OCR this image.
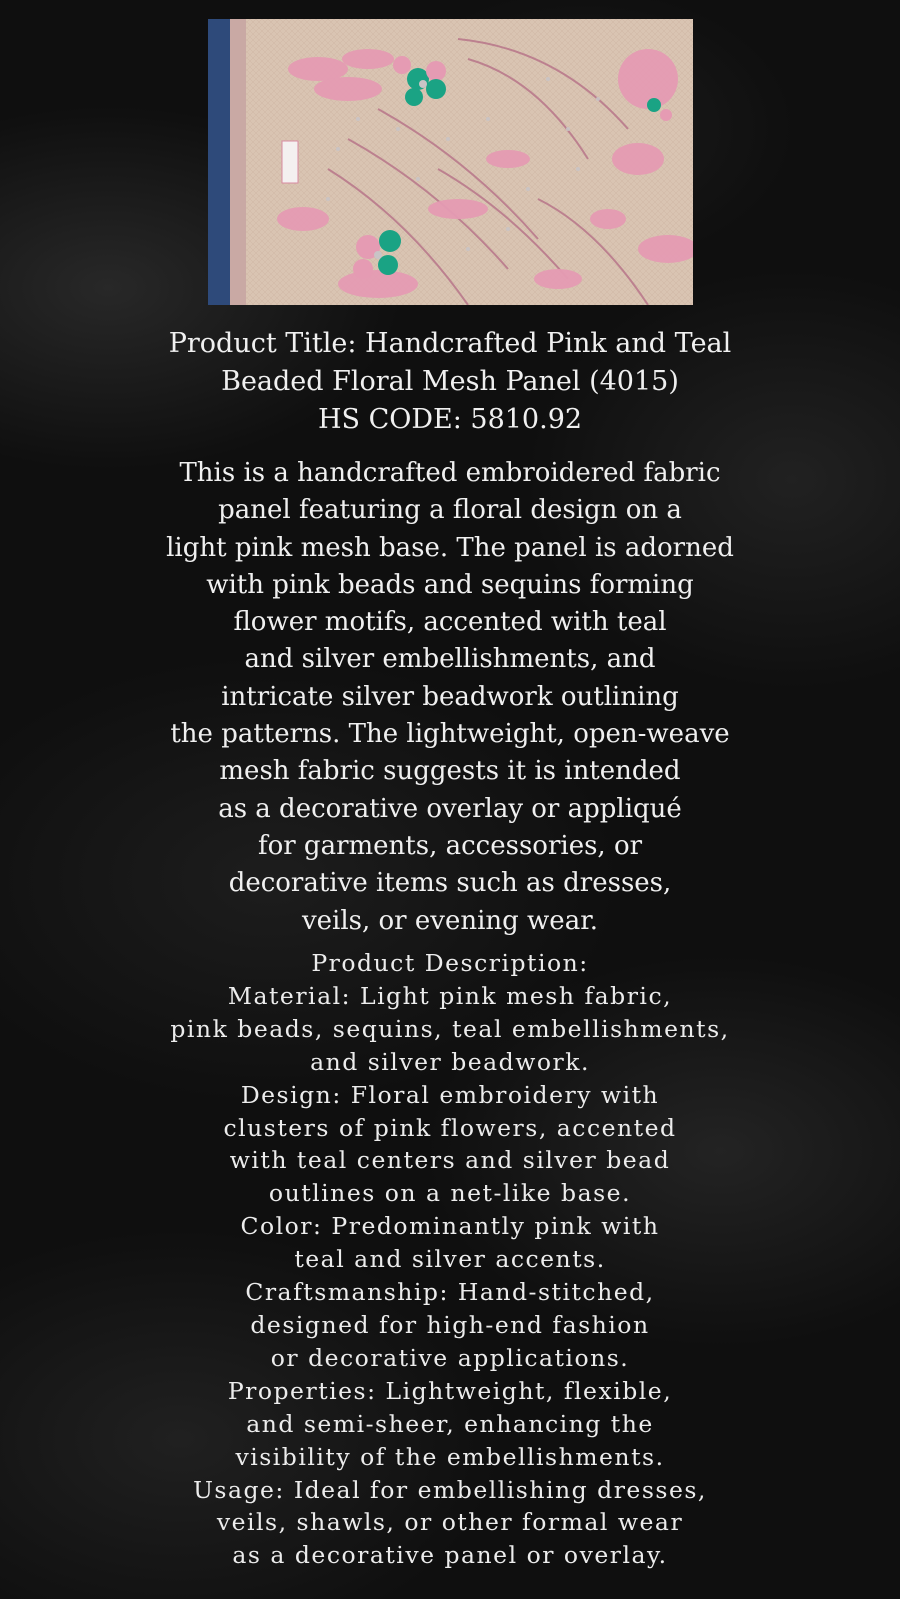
Product Title: Handcrafted Pink and Teal
Beaded Floral Mesh Panel (4015)
HS CODE: 5810.92
This is a handcrafted embroidered fabric
panel featuring a floral design on a
light pink mesh base. The panel is adorned
with pink beads and sequins forming
flower motifs, accented with teal
and silver embellishments, and
intricate silver beadwork outlining
the patterns. The lightweight, open-weave
mesh fabric suggests it is intended
as a decorative overlay or appliqué
for garments, accessories, or
decorative items such as dresses,
veils, or evening wear.
Product Description:
Material: Light pink mesh fabric,
pink beads, sequins, teal embellishments,
and silver beadwork.
Design: Floral embroidery with
clusters of pink flowers, accented
with teal centers and silver bead
outlines on a net-like base.
Color: Predominantly pink with
teal and silver accents.
Craftsmanship: Hand-stitched,
designed for high-end fashion
or decorative applications.
Properties: Lightweight, flexible,
and semi-sheer, enhancing the
visibility of the embellishments.
Usage: Ideal for embellishing dresses,
veils, shawls, or other formal wear
as a decorative panel or overlay.
